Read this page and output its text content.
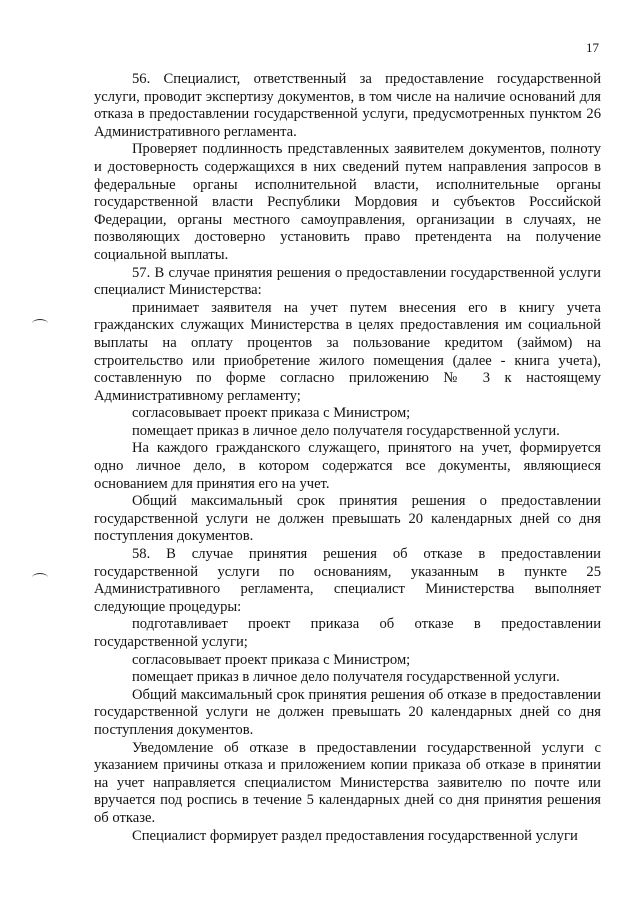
17

56. Специалист, ответственный за предоставление государственной услуги, проводит экспертизу документов, в том числе на наличие оснований для отказа в предоставлении государственной услуги, предусмотренных пунктом 26 Административного регламента.

Проверяет подлинность представленных заявителем документов, полноту и достоверность содержащихся в них сведений путем направления запросов в федеральные органы исполнительной власти, исполнительные органы государственной власти Республики Мордовия и субъектов Российской Федерации, органы местного самоуправления, организации в случаях, не позволяющих достоверно установить право претендента на получение социальной выплаты.

57. В случае принятия решения о предоставлении государственной услуги специалист Министерства:

принимает заявителя на учет путем внесения его в книгу учета гражданских служащих Министерства в целях предоставления им социальной выплаты на оплату процентов за пользование кредитом (займом) на строительство или приобретение жилого помещения (далее - книга учета), составленную по форме согласно приложению № 3 к настоящему Административному регламенту;

согласовывает проект приказа с Министром;

помещает приказ в личное дело получателя государственной услуги.

На каждого гражданского служащего, принятого на учет, формируется одно личное дело, в котором содержатся все документы, являющиеся основанием для принятия его на учет.

Общий максимальный срок принятия решения о предоставлении государственной услуги не должен превышать 20 календарных дней со дня поступления документов.

58. В случае принятия решения об отказе в предоставлении государственной услуги по основаниям, указанным в пункте 25 Административного регламента, специалист Министерства выполняет следующие процедуры:

подготавливает проект приказа об отказе в предоставлении государственной услуги;

согласовывает проект приказа с Министром;

помещает приказ в личное дело получателя государственной услуги.

Общий максимальный срок принятия решения об отказе в предоставлении государственной услуги не должен превышать 20 календарных дней со дня поступления документов.

Уведомление об отказе в предоставлении государственной услуги с указанием причины отказа и приложением копии приказа об отказе в принятии на учет направляется специалистом Министерства заявителю по почте или вручается под роспись в течение 5 календарных дней со дня принятия решения об отказе.

Специалист формирует раздел предоставления государственной услуги
